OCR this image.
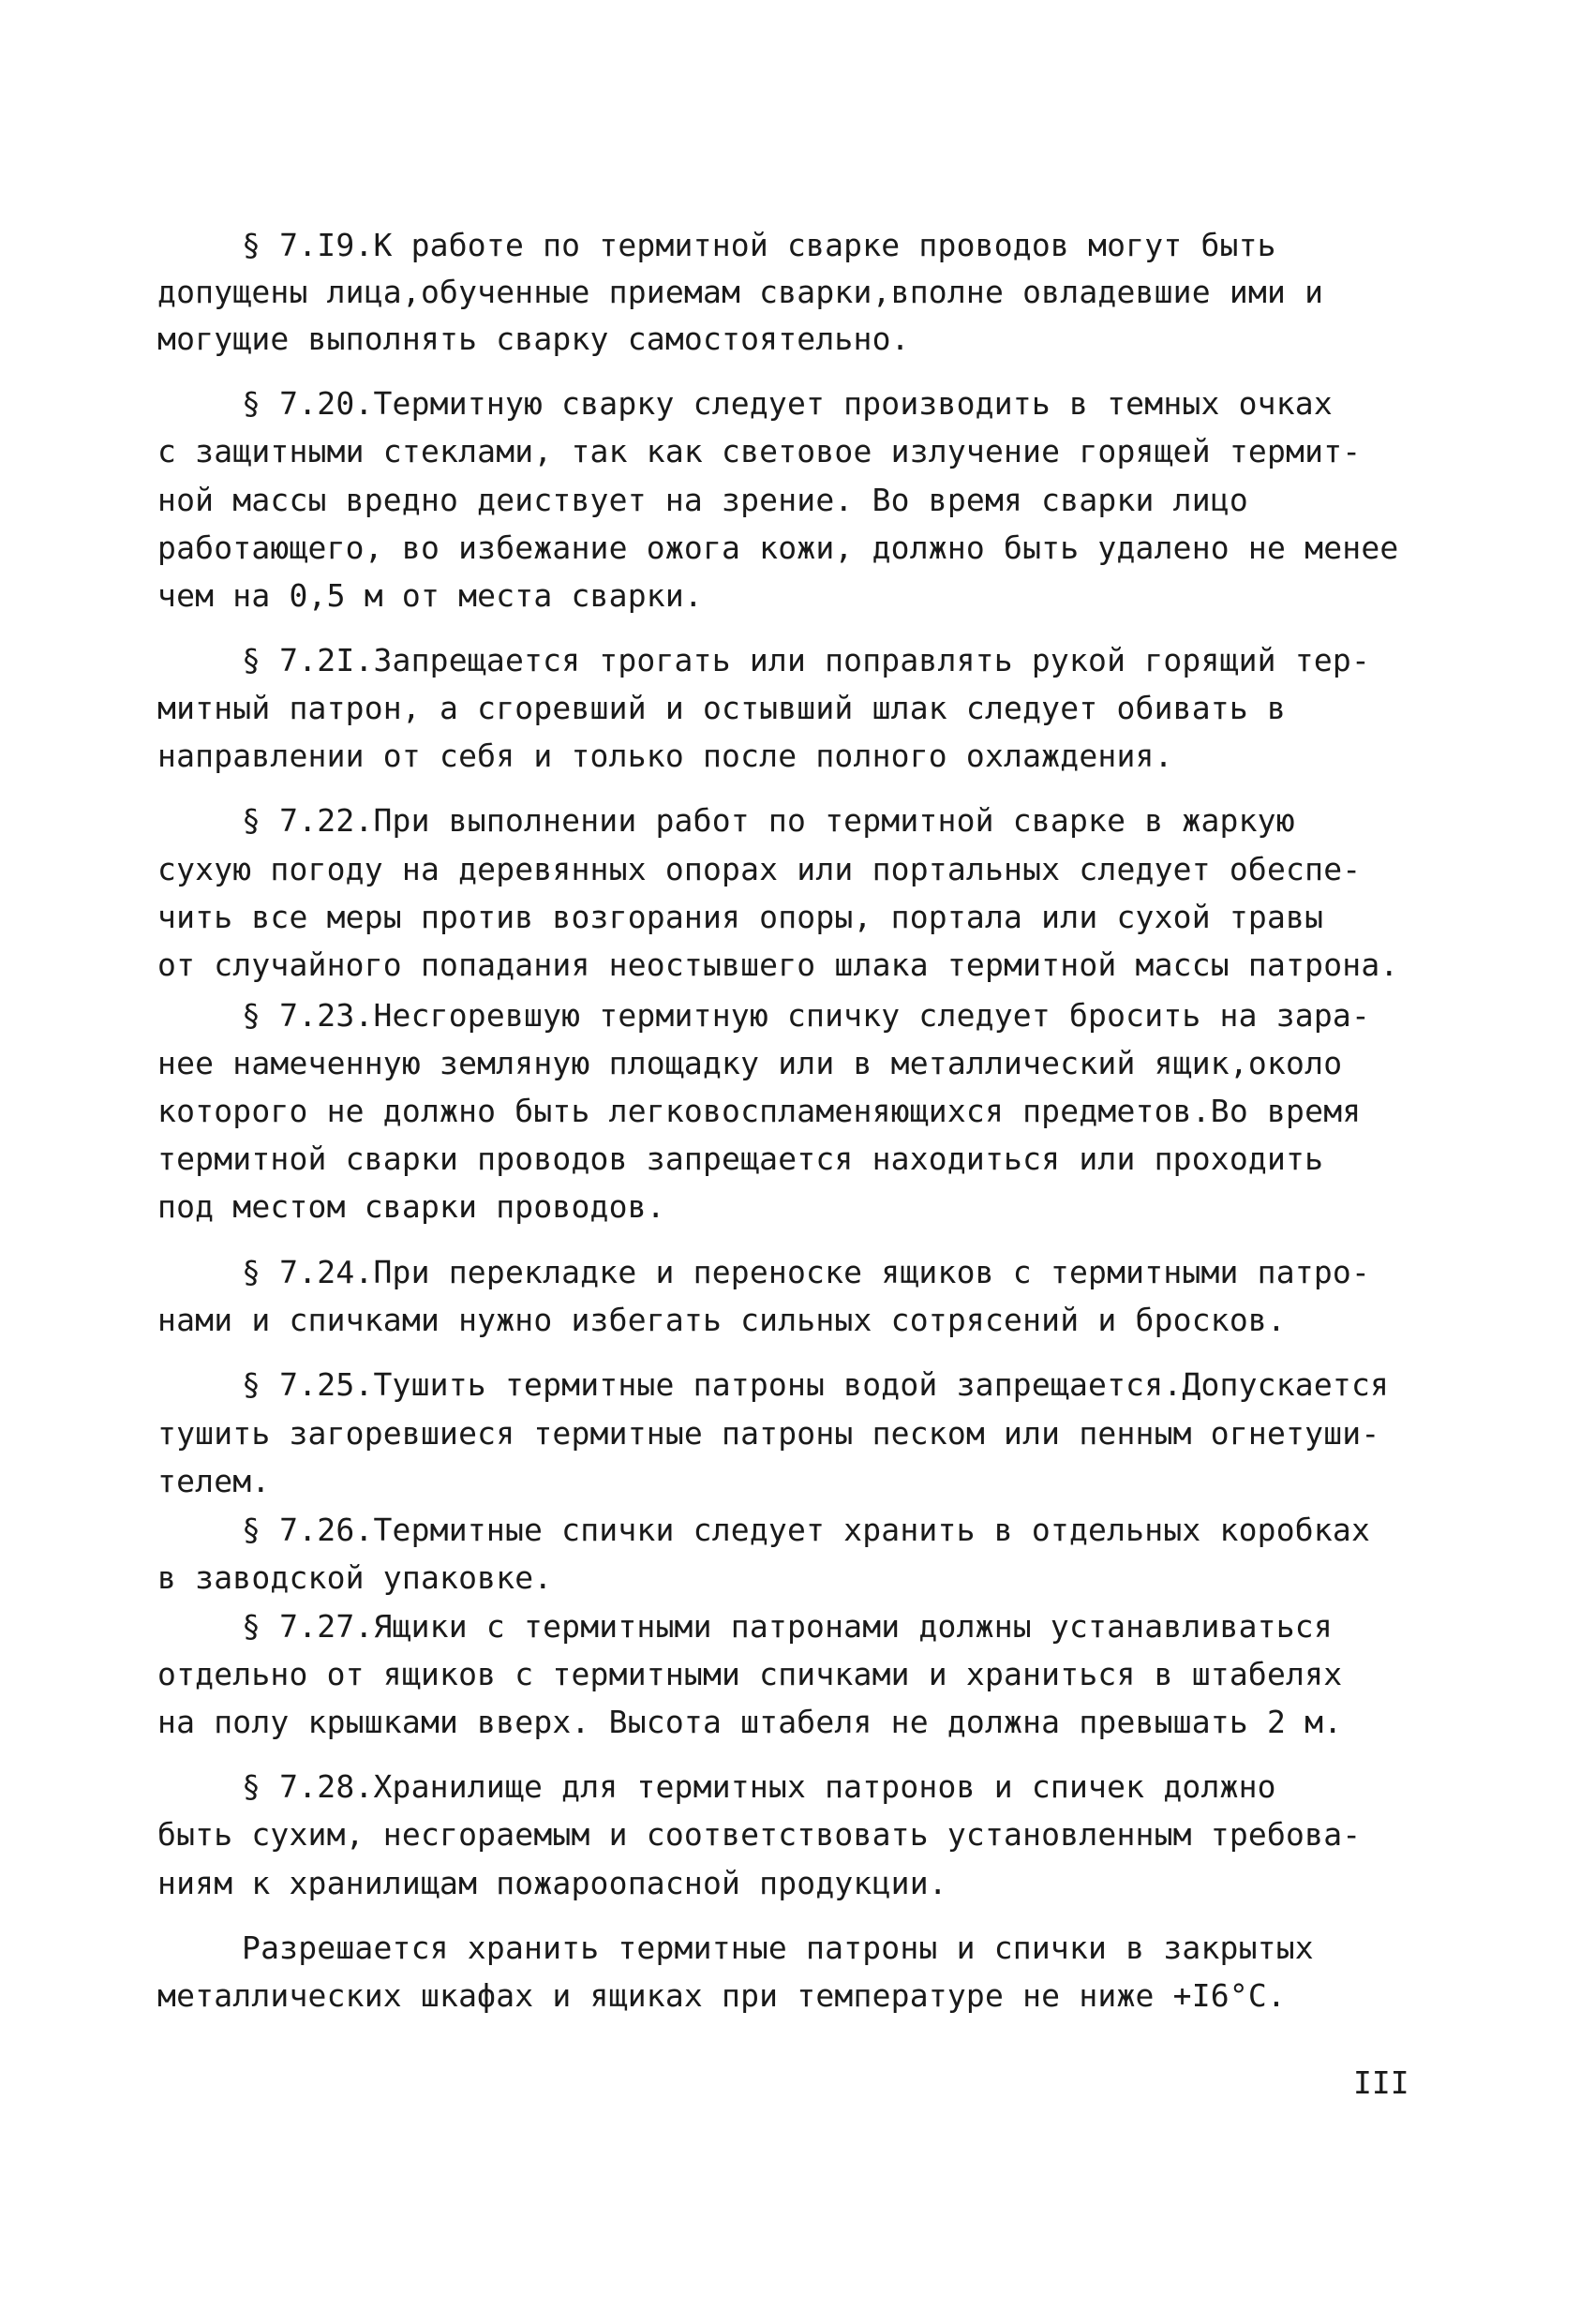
§ 7.I9.К работе по термитной сварке проводов могут быть
допущены лица,обученные приемам сварки,вполне овладевшие ими и
могущие выполнять сварку самостоятельно.
§ 7.20.Термитную сварку следует производить в темных очках
с защитными стеклами, так как световое излучение горящей термит-
ной массы вредно деиствует на зрение. Во время сварки лицо
работающего, во избежание ожога кожи, должно быть удалено не менее
чем на 0,5 м от места сварки.
§ 7.2I.Запрещается трогать или поправлять рукой горящий тер-
митный патрон, а сгоревший и остывший шлак следует обивать в
направлении от себя и только после полного охлаждения.
§ 7.22.При выполнении работ по термитной сварке в жаркую
сухую погоду на деревянных опорах или портальных следует обеспе-
чить все меры против возгорания опоры, портала или сухой травы
от случайного попадания неостывшего шлака термитной массы патрона.
§ 7.23.Несгоревшую термитную спичку следует бросить на зара-
нее намеченную земляную площадку или в металлический ящик,около
которого не должно быть легковоспламеняющихся предметов.Во время
термитной сварки проводов запрещается находиться или проходить
под местом сварки проводов.
§ 7.24.При перекладке и переноске ящиков с термитными патро-
нами и спичками нужно избегать сильных сотрясений и бросков.
§ 7.25.Тушить термитные патроны водой запрещается.Допускается
тушить загоревшиеся термитные патроны песком или пенным огнетуши-
телем.
§ 7.26.Термитные спички следует хранить в отдельных коробках
в заводской упаковке.
§ 7.27.Ящики с термитными патронами должны устанавливаться
отдельно от ящиков с термитными спичками и храниться в штабелях
на полу крышками вверх. Высота штабеля не должна превышать 2 м.
§ 7.28.Хранилище для термитных патронов и спичек должно
быть сухим, несгораемым и соответствовать установленным требова-
ниям к хранилищам пожароопасной продукции.
Разрешается хранить термитные патроны и спички в закрытых
металлических шкафах и ящиках при температуре не ниже +I6°С.
III
